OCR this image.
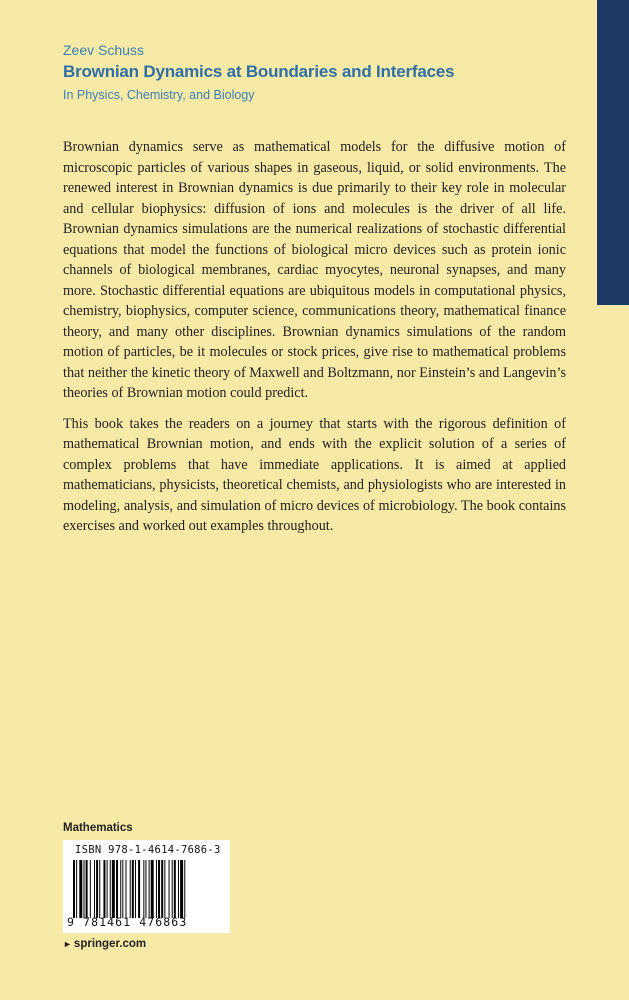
Zeev Schuss
Brownian Dynamics at Boundaries and Interfaces
In Physics, Chemistry, and Biology

Brownian dynamics serve as mathematical models for the diffusive motion of microscopic particles of various shapes in gaseous, liquid, or solid environments. The renewed interest in Brownian dynamics is due primarily to their key role in molecular and cellular biophysics: diffusion of ions and molecules is the driver of all life. Brownian dynamics simulations are the numerical realizations of stochastic differential equations that model the functions of biological micro devices such as protein ionic channels of biological membranes, cardiac myocytes, neuronal synapses, and many more. Stochastic differential equations are ubiquitous models in computational physics, chemistry, biophysics, computer science, communications theory, mathematical finance theory, and many other disciplines. Brownian dynamics simulations of the random motion of particles, be it molecules or stock prices, give rise to mathematical problems that neither the kinetic theory of Maxwell and Boltzmann, nor Einstein’s and Langevin’s theories of Brownian motion could predict.

This book takes the readers on a journey that starts with the rigorous definition of mathematical Brownian motion, and ends with the explicit solution of a series of complex problems that have immediate applications. It is aimed at applied mathematicians, physicists, theoretical chemists, and physiologists who are interested in modeling, analysis, and simulation of micro devices of microbiology. The book contains exercises and worked out examples throughout.

Mathematics
ISBN 978-1-4614-7686-3
9 781461 476863
► springer.com
